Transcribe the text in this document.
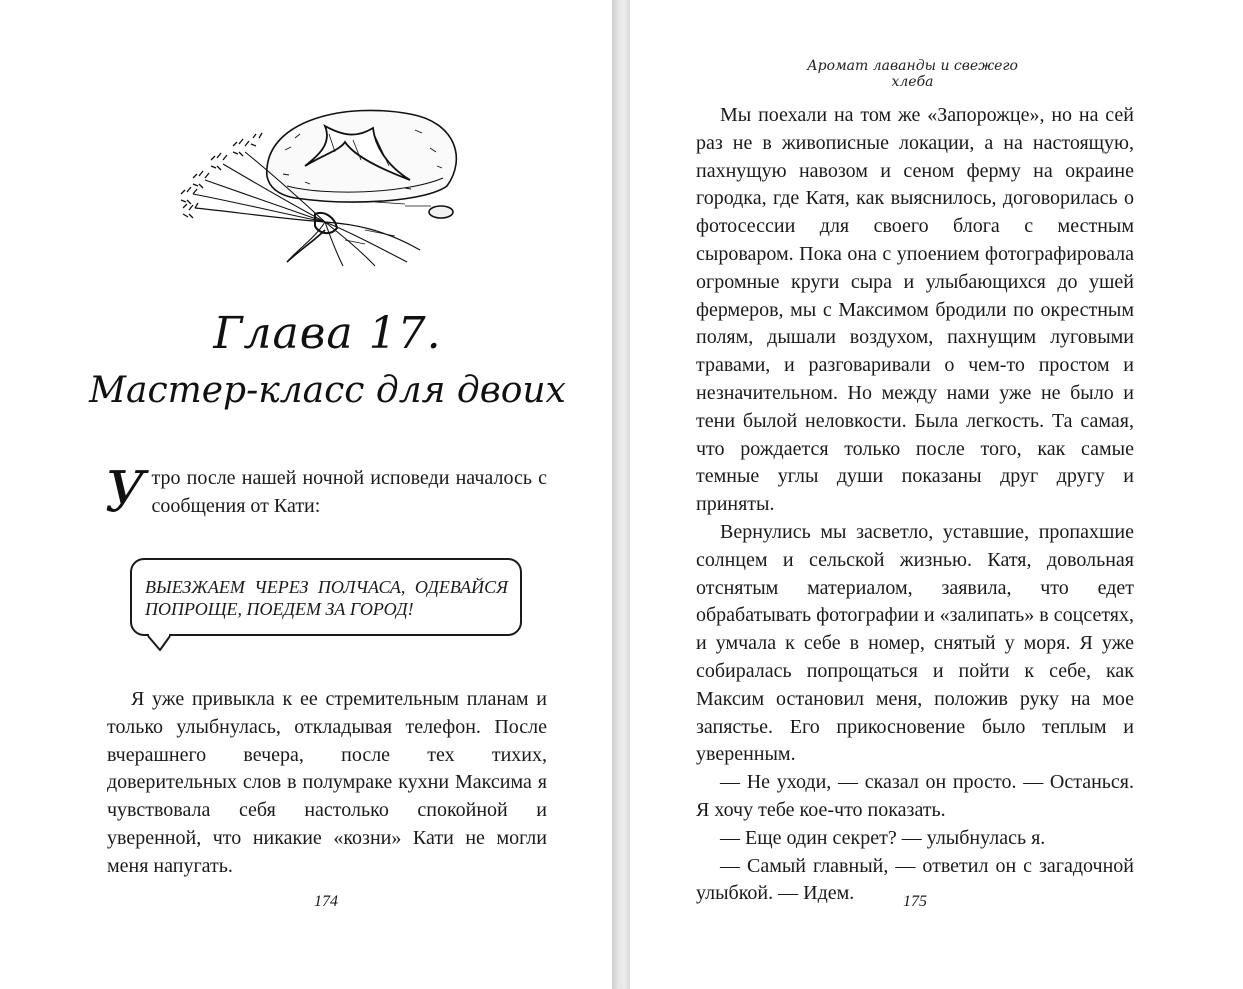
Глава 17.
Мастер-класс для двоих

Утро после нашей ночной исповеди началось с сообщения от Кати:

ВЫЕЗЖАЕМ ЧЕРЕЗ ПОЛЧАСА, ОДЕВАЙСЯ ПОПРОЩЕ, ПОЕДЕМ ЗА ГОРОД!

Я уже привыкла к ее стремительным планам и только улыбнулась, откладывая телефон. После вчерашнего вечера, после тех тихих, доверительных слов в полумраке кухни Максима я чувствовала себя настолько спокойной и уверенной, что никакие «козни» Кати не могли меня напугать.

174
Аромат лаванды и свежего хлеба

Мы поехали на том же «Запорожце», но на сей раз не в живописные локации, а на настоящую, пахнущую навозом и сеном ферму на окраине городка, где Катя, как выяснилось, договорилась о фотосессии для своего блога с местным сыроваром. Пока она с упоением фотографировала огромные круги сыра и улыбающихся до ушей фермеров, мы с Максимом бродили по окрестным полям, дышали воздухом, пахнущим луговыми травами, и разговаривали о чем-то простом и незначительном. Но между нами уже не было и тени былой неловкости. Была легкость. Та самая, что рождается только после того, как самые темные углы души показаны друг другу и приняты.

Вернулись мы засветло, уставшие, пропахшие солнцем и сельской жизнью. Катя, довольная отснятым материалом, заявила, что едет обрабатывать фотографии и «залипать» в соцсетях, и умчала к себе в номер, снятый у моря. Я уже собиралась попрощаться и пойти к себе, как Максим остановил меня, положив руку на мое запястье. Его прикосновение было теплым и уверенным.

— Не уходи, — сказал он просто. — Останься. Я хочу тебе кое-что показать.

— Еще один секрет? — улыбнулась я.

— Самый главный, — ответил он с загадочной улыбкой. — Идем.	175
